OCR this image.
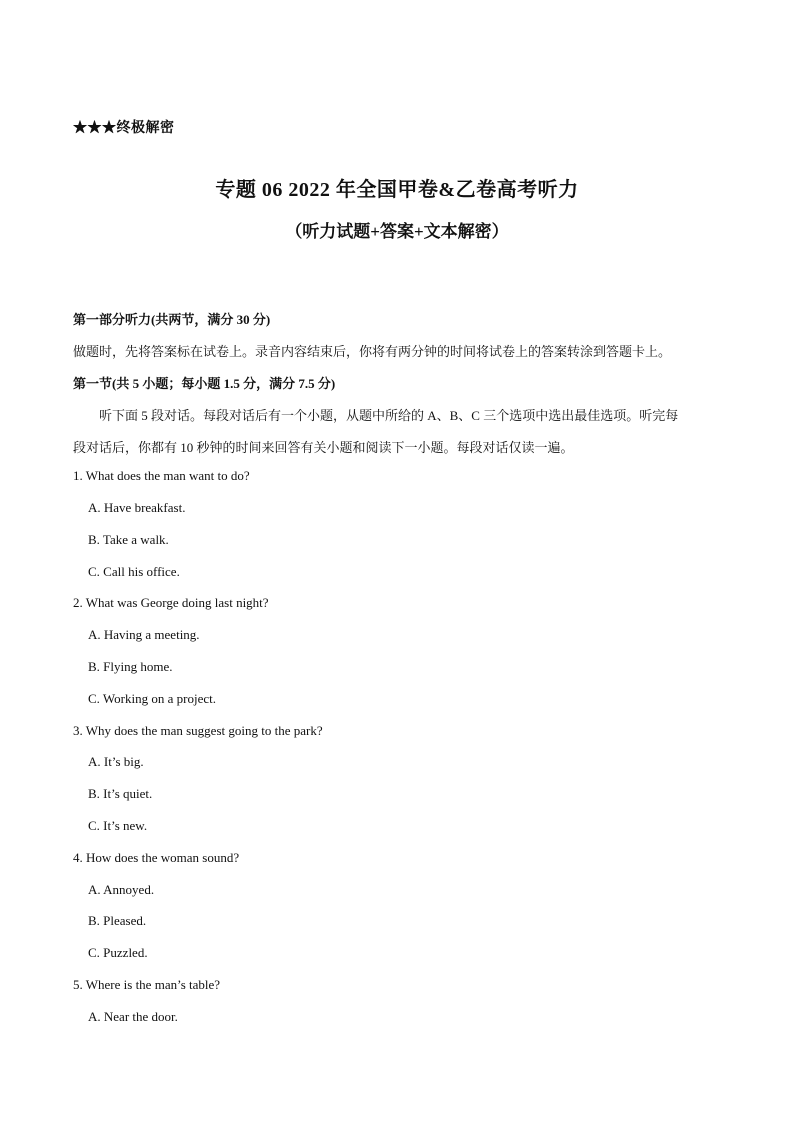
★★★终极解密
专题 06 2022 年全国甲卷&乙卷高考听力
（听力试题+答案+文本解密）
第一部分听力(共两节，满分 30 分)
做题时，先将答案标在试卷上。录音内容结束后，你将有两分钟的时间将试卷上的答案转涂到答题卡上。
第一节(共 5 小题；每小题 1.5 分，满分 7.5 分)
听下面 5 段对话。每段对话后有一个小题，从题中所给的 A、B、C 三个选项中选出最佳选项。听完每
段对话后，你都有 10 秒钟的时间来回答有关小题和阅读下一小题。每段对话仅读一遍。
1. What does the man want to do?
A. Have breakfast.
B. Take a walk.
C. Call his office.
2. What was George doing last night?
A. Having a meeting.
B. Flying home.
C. Working on a project.
3. Why does the man suggest going to the park?
A. It’s big.
B. It’s quiet.
C. It’s new.
4. How does the woman sound?
A. Annoyed.
B. Pleased.
C. Puzzled.
5. Where is the man’s table?
A. Near the door.
